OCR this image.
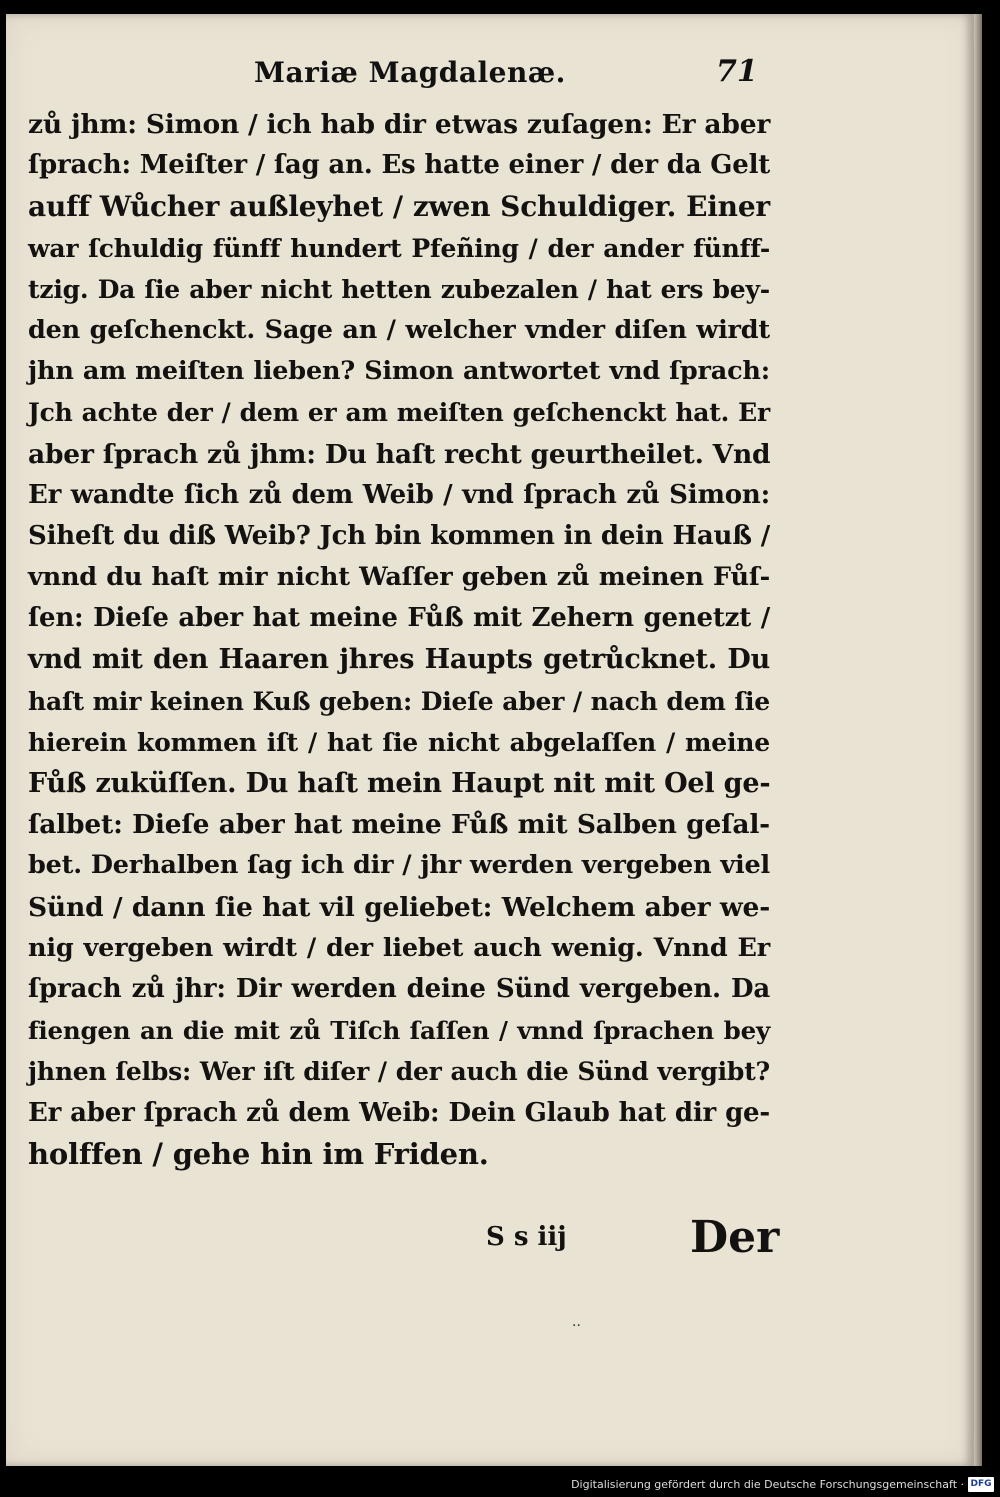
Mariæ Magdalenæ.	71
zů jhm: Simon / ich hab dir etwas zuſagen: Er aber
ſprach: Meiſter / ſag an. Es hatte einer / der da Gelt
auff Wůcher außleyhet / zwen Schuldiger. Einer
war ſchuldig fünff hundert Pfeñing / der ander fünff-
tzig. Da ſie aber nicht hetten zubezalen / hat ers bey-
den geſchenckt. Sage an / welcher vnder diſen wirdt
jhn am meiſten lieben? Simon antwortet vnd ſprach:
Jch achte der / dem er am meiſten geſchenckt hat. Er
aber ſprach zů jhm: Du haſt recht geurtheilet. Vnd
Er wandte ſich zů dem Weib / vnd ſprach zů Simon:
Siheſt du diß Weib? Jch bin kommen in dein Hauß /
vnnd du haſt mir nicht Waſſer geben zů meinen Fůſ-
ſen: Dieſe aber hat meine Fůß mit Zehern genetzt /
vnd mit den Haaren jhres Haupts getrůcknet. Du
haſt mir keinen Kuß geben: Dieſe aber / nach dem ſie
hierein kommen iſt / hat ſie nicht abgelaſſen / meine
Fůß zuküſſen. Du haſt mein Haupt nit mit Oel ge-
ſalbet: Dieſe aber hat meine Fůß mit Salben geſal-
bet. Derhalben ſag ich dir / jhr werden vergeben viel
Sünd / dann ſie hat vil geliebet: Welchem aber we-
nig vergeben wirdt / der liebet auch wenig. Vnnd Er
ſprach zů jhr: Dir werden deine Sünd vergeben. Da
fiengen an die mit zů Tiſch ſaſſen / vnnd ſprachen bey
jhnen ſelbs: Wer iſt diſer / der auch die Sünd vergibt?
Er aber ſprach zů dem Weib: Dein Glaub hat dir ge-
holffen / gehe hin im Friden.
S s iij	Der
··
Digitalisierung gefördert durch die Deutsche Forschungsgemeinschaft · DFG
